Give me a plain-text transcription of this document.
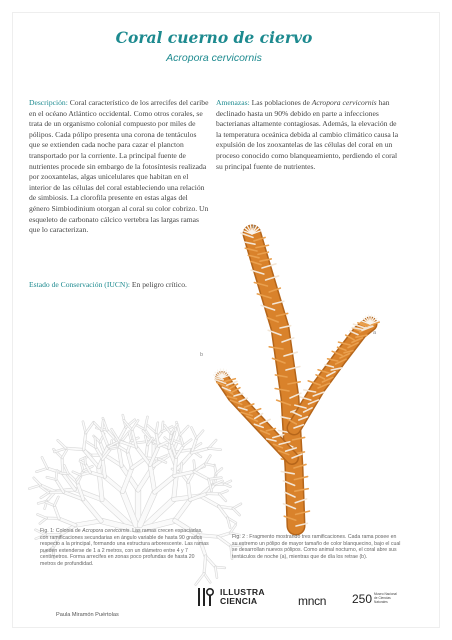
Coral cuerno de ciervo
Acropora cervicornis
Descripción: Coral característico de los arrecifes del caribe en el océano Atlántico occidental. Como otros corales, se trata de un organismo colonial compuesto por miles de pólipos. Cada pólipo presenta una corona de tentáculos que se extienden cada noche para cazar el plancton transportado por la corriente. La principal fuente de nutrientes procede sin embargo de la fotosíntesis realizada por zooxantelas, algas unicelulares que habitan en el interior de las células del coral estableciendo una relación de simbiosis. La clorofila presente en estas algas del género Simbiodinium otorgan al coral su color cobrizo. Un esqueleto de carbonato cálcico vertebra las largas ramas que lo caracterizan.
Amenazas: Las poblaciones de Acropora cervicornis han declinado hasta un 90% debido en parte a infecciones bacterianas altamente contagiosas. Además, la elevación de la temperatura oceánica debida al cambio climático causa la expulsión de los zooxantelas de las células del coral en un proceso conocido como blanqueamiento, perdiendo el coral su principal fuente de nutrientes.
Estado de Conservación (IUCN): En peligro crítico.
a
a
b
Fig. 1: Colonia de Acropora cervicornis. Las ramas crecen espaciadas, con ramificaciones secundarias en ángulo variable de hasta 90 grados respecto a la principal, formando una estructura arborescente. Las ramas pueden extenderse de 1 a 2 metros, con un diámetro entre 4 y 7 centímetros. Forma arrecifes en zonas poco profundas de hasta 20 metros de profundidad.
Fig. 2 : Fragmento mostrando tres ramificaciones. Cada rama posee en su extremo un pólipo de mayor tamaño de color blanquecino, bajo el cual se desarrollan nuevos pólipos. Como animal nocturno, el coral abre sus tentáculos de noche (a), mientras que de día los retrae (b).
Paula Miramón Puértolas
ILLUSTRA
CIENCIA	mncn 250 Museo Nacional de Ciencias Naturales
